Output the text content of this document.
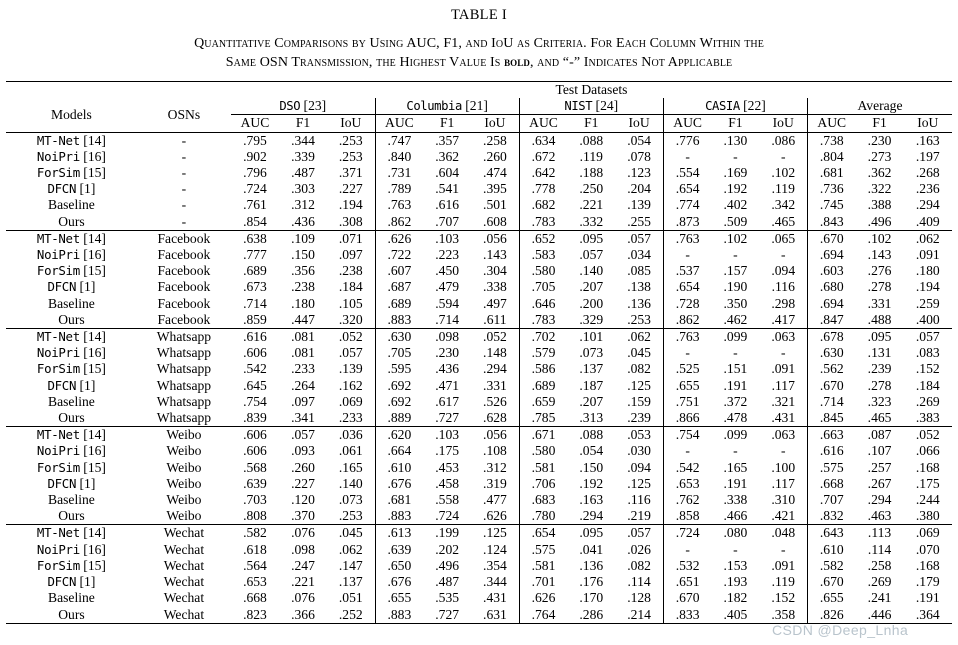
TABLE I
Quantitative Comparisons by Using AUC, F1, and IoU as Criteria. For Each Column Within the
Same OSN Transmission, the Highest Value Is bold, and “-” Indicates Not Applicable
		Test Datasets														
Models	OSNs	DSO [23]			Columbia [21]			NIST [24]			CASIA [22]			Average		
		AUC	F1	IoU	AUC	F1	IoU	AUC	F1	IoU	AUC	F1	IoU	AUC	F1	IoU
MT-Net [14]	-	.795	.344	.253	.747	.357	.258	.634	.088	.054	.776	.130	.086	.738	.230	.163
NoiPri [16]	-	.902	.339	.253	.840	.362	.260	.672	.119	.078	-	-	-	.804	.273	.197
ForSim [15]	-	.796	.487	.371	.731	.604	.474	.642	.188	.123	.554	.169	.102	.681	.362	.268
DFCN [1]	-	.724	.303	.227	.789	.541	.395	.778	.250	.204	.654	.192	.119	.736	.322	.236
Baseline	-	.761	.312	.194	.763	.616	.501	.682	.221	.139	.774	.402	.342	.745	.388	.294
Ours	-	.854	.436	.308	.862	.707	.608	.783	.332	.255	.873	.509	.465	.843	.496	.409
MT-Net [14]	Facebook	.638	.109	.071	.626	.103	.056	.652	.095	.057	.763	.102	.065	.670	.102	.062
NoiPri [16]	Facebook	.777	.150	.097	.722	.223	.143	.583	.057	.034	-	-	-	.694	.143	.091
ForSim [15]	Facebook	.689	.356	.238	.607	.450	.304	.580	.140	.085	.537	.157	.094	.603	.276	.180
DFCN [1]	Facebook	.673	.238	.184	.687	.479	.338	.705	.207	.138	.654	.190	.116	.680	.278	.194
Baseline	Facebook	.714	.180	.105	.689	.594	.497	.646	.200	.136	.728	.350	.298	.694	.331	.259
Ours	Facebook	.859	.447	.320	.883	.714	.611	.783	.329	.253	.862	.462	.417	.847	.488	.400
MT-Net [14]	Whatsapp	.616	.081	.052	.630	.098	.052	.702	.101	.062	.763	.099	.063	.678	.095	.057
NoiPri [16]	Whatsapp	.606	.081	.057	.705	.230	.148	.579	.073	.045	-	-	-	.630	.131	.083
ForSim [15]	Whatsapp	.542	.233	.139	.595	.436	.294	.586	.137	.082	.525	.151	.091	.562	.239	.152
DFCN [1]	Whatsapp	.645	.264	.162	.692	.471	.331	.689	.187	.125	.655	.191	.117	.670	.278	.184
Baseline	Whatsapp	.754	.097	.069	.692	.617	.526	.659	.207	.159	.751	.372	.321	.714	.323	.269
Ours	Whatsapp	.839	.341	.233	.889	.727	.628	.785	.313	.239	.866	.478	.431	.845	.465	.383
MT-Net [14]	Weibo	.606	.057	.036	.620	.103	.056	.671	.088	.053	.754	.099	.063	.663	.087	.052
NoiPri [16]	Weibo	.606	.093	.061	.664	.175	.108	.580	.054	.030	-	-	-	.616	.107	.066
ForSim [15]	Weibo	.568	.260	.165	.610	.453	.312	.581	.150	.094	.542	.165	.100	.575	.257	.168
DFCN [1]	Weibo	.639	.227	.140	.676	.458	.319	.706	.192	.125	.653	.191	.117	.668	.267	.175
Baseline	Weibo	.703	.120	.073	.681	.558	.477	.683	.163	.116	.762	.338	.310	.707	.294	.244
Ours	Weibo	.808	.370	.253	.883	.724	.626	.780	.294	.219	.858	.466	.421	.832	.463	.380
MT-Net [14]	Wechat	.582	.076	.045	.613	.199	.125	.654	.095	.057	.724	.080	.048	.643	.113	.069
NoiPri [16]	Wechat	.618	.098	.062	.639	.202	.124	.575	.041	.026	-	-	-	.610	.114	.070
ForSim [15]	Wechat	.564	.247	.147	.650	.496	.354	.581	.136	.082	.532	.153	.091	.582	.258	.168
DFCN [1]	Wechat	.653	.221	.137	.676	.487	.344	.701	.176	.114	.651	.193	.119	.670	.269	.179
Baseline	Wechat	.668	.076	.051	.655	.535	.431	.626	.170	.128	.670	.182	.152	.655	.241	.191
Ours	Wechat	.823	.366	.252	.883	.727	.631	.764	.286	.214	.833	.405	.358	.826	.446	.364
CSDN @Deep_Lnha
